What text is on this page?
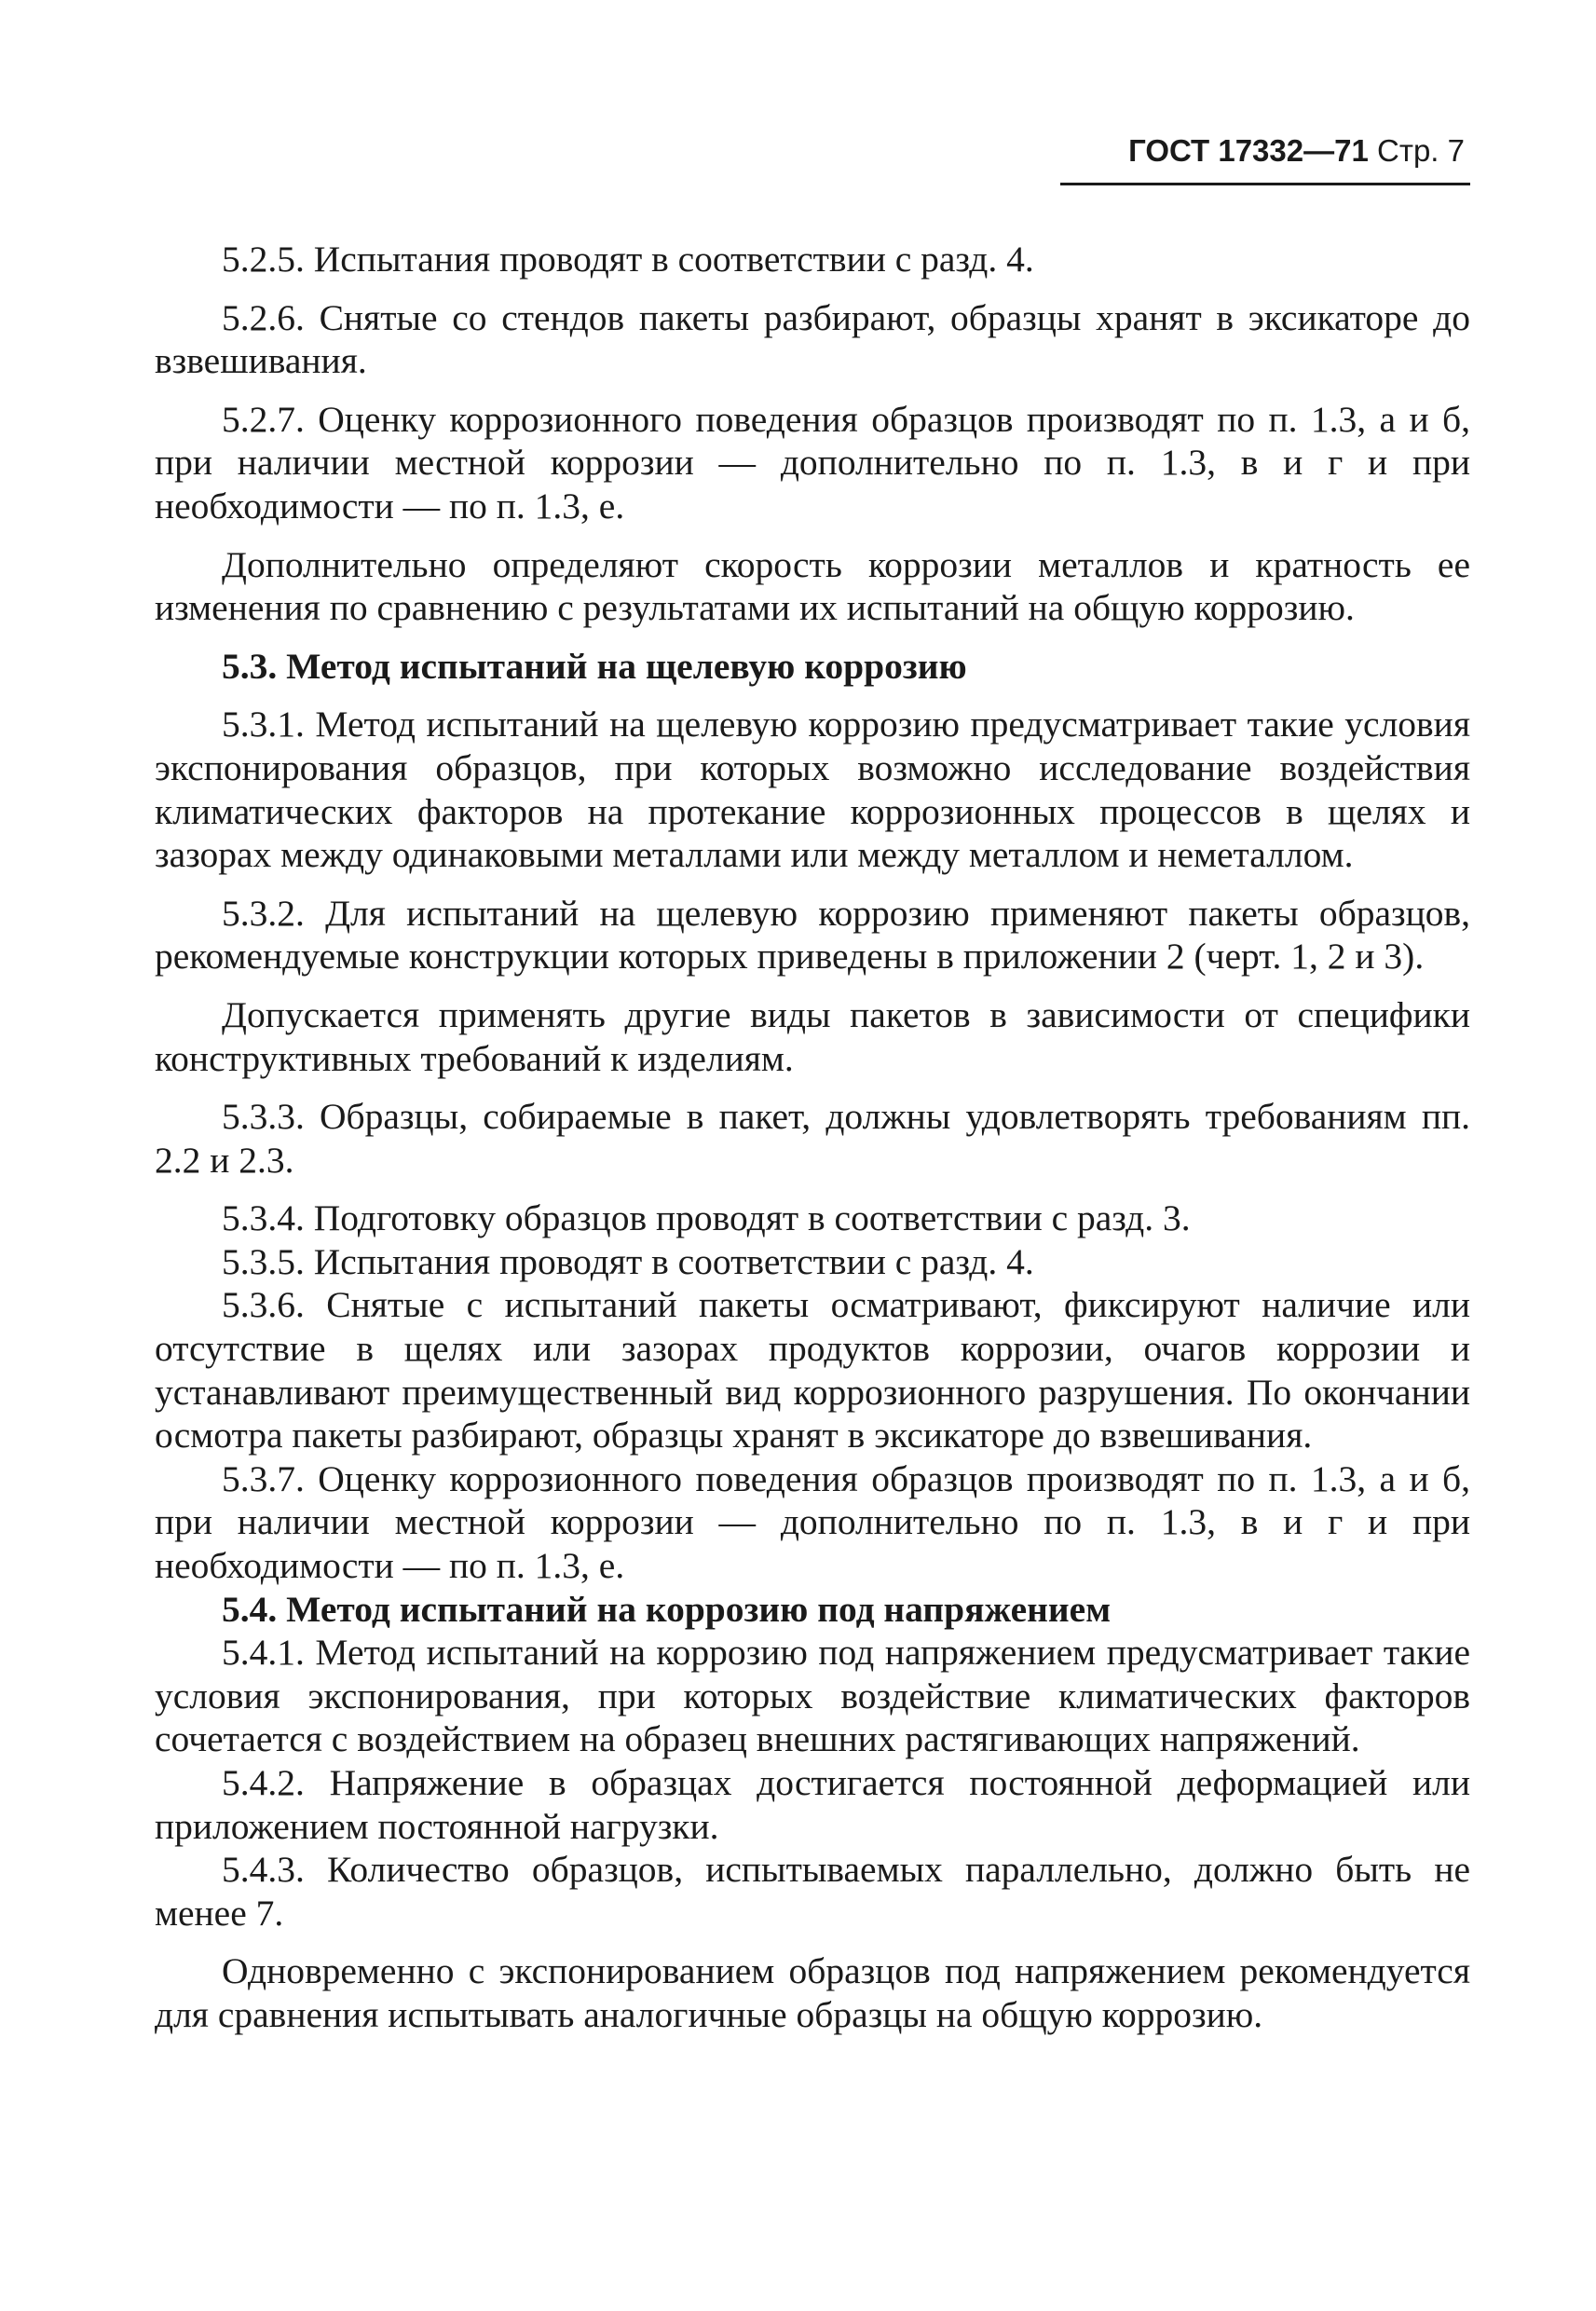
ГОСТ 17332—71 Стр. 7

5.2.5. Испытания проводят в соответствии с разд. 4.

5.2.6. Снятые со стендов пакеты разбирают, образцы хранят в эксикаторе до взвешивания.

5.2.7. Оценку коррозионного поведения образцов производят по п. 1.3, а и б, при наличии местной коррозии — дополнительно по п. 1.3, в и г и при необходимости — по п. 1.3, е.

Дополнительно определяют скорость коррозии металлов и кратность ее изменения по сравнению с результатами их испытаний на общую коррозию.

5.3. Метод испытаний на щелевую коррозию

5.3.1. Метод испытаний на щелевую коррозию предусматривает такие условия экспонирования образцов, при которых возможно исследование воздействия климатических факторов на протекание коррозионных процессов в щелях и зазорах между одинаковыми металлами или между металлом и неметаллом.

5.3.2. Для испытаний на щелевую коррозию применяют пакеты образцов, рекомендуемые конструкции которых приведены в приложении 2 (черт. 1, 2 и 3).

Допускается применять другие виды пакетов в зависимости от специфики конструктивных требований к изделиям.

5.3.3. Образцы, собираемые в пакет, должны удовлетворять требованиям пп. 2.2 и 2.3.

5.3.4. Подготовку образцов проводят в соответствии с разд. 3.

5.3.5. Испытания проводят в соответствии с разд. 4.

5.3.6. Снятые с испытаний пакеты осматривают, фиксируют наличие или отсутствие в щелях или зазорах продуктов коррозии, очагов коррозии и устанавливают преимущественный вид коррозионного разрушения. По окончании осмотра пакеты разбирают, образцы хранят в эксикаторе до взвешивания.

5.3.7. Оценку коррозионного поведения образцов производят по п. 1.3, а и б, при наличии местной коррозии — дополнительно по п. 1.3, в и г и при необходимости — по п. 1.3, е.

5.4. Метод испытаний на коррозию под напряжением

5.4.1. Метод испытаний на коррозию под напряжением предусматривает такие условия экспонирования, при которых воздействие климатических факторов сочетается с воздействием на образец внешних растягивающих напряжений.

5.4.2. Напряжение в образцах достигается постоянной деформацией или приложением постоянной нагрузки.

5.4.3. Количество образцов, испытываемых параллельно, должно быть не менее 7.

Одновременно с экспонированием образцов под напряжением рекомендуется для сравнения испытывать аналогичные образцы на общую коррозию.
